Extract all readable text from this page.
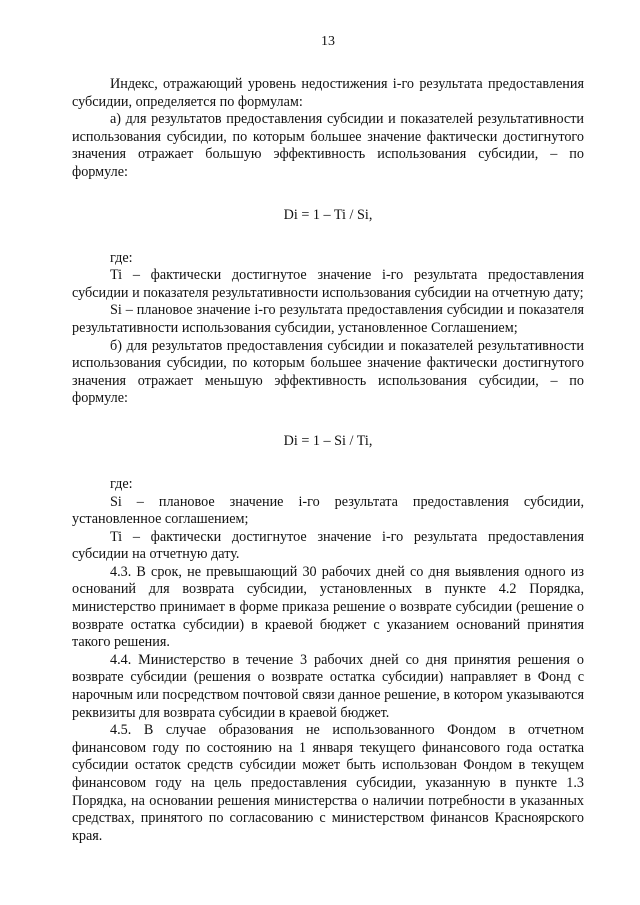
13

Индекс, отражающий уровень недостижения i-го результата предоставления субсидии, определяется по формулам:

а) для результатов предоставления субсидии и показателей результативности использования субсидии, по которым большее значение фактически достигнутого значения отражает большую эффективность использования субсидии, – по формуле:

Di = 1 – Ti / Si,
где:

Ti – фактически достигнутое значение i-го результата предоставления субсидии и показателя результативности использования субсидии на отчетную дату;

Si – плановое значение i-го результата предоставления субсидии и показателя результативности использования субсидии, установленное Соглашением;

б) для результатов предоставления субсидии и показателей результативности использования субсидии, по которым большее значение фактически достигнутого значения отражает меньшую эффективность использования субсидии, – по формуле:

Di = 1 – Si / Ti,
где:

Si – плановое значение i-го результата предоставления субсидии, установленное соглашением;

Ti – фактически достигнутое значение i-го результата предоставления субсидии на отчетную дату.

4.3. В срок, не превышающий 30 рабочих дней со дня выявления одного из оснований для возврата субсидии, установленных в пункте 4.2 Порядка, министерство принимает в форме приказа решение о возврате субсидии (решение о возврате остатка субсидии) в краевой бюджет с указанием оснований принятия такого решения.

4.4. Министерство в течение 3 рабочих дней со дня принятия решения о возврате субсидии (решения о возврате остатка субсидии) направляет в Фонд с нарочным или посредством почтовой связи данное решение, в котором указываются реквизиты для возврата субсидии в краевой бюджет.

4.5. В случае образования не использованного Фондом в отчетном финансовом году по состоянию на 1 января текущего финансового года остатка субсидии остаток средств субсидии может быть использован Фондом в текущем финансовом году на цель предоставления субсидии, указанную в пункте 1.3 Порядка, на основании решения министерства о наличии потребности в указанных средствах, принятого по согласованию с министерством финансов Красноярского края.
